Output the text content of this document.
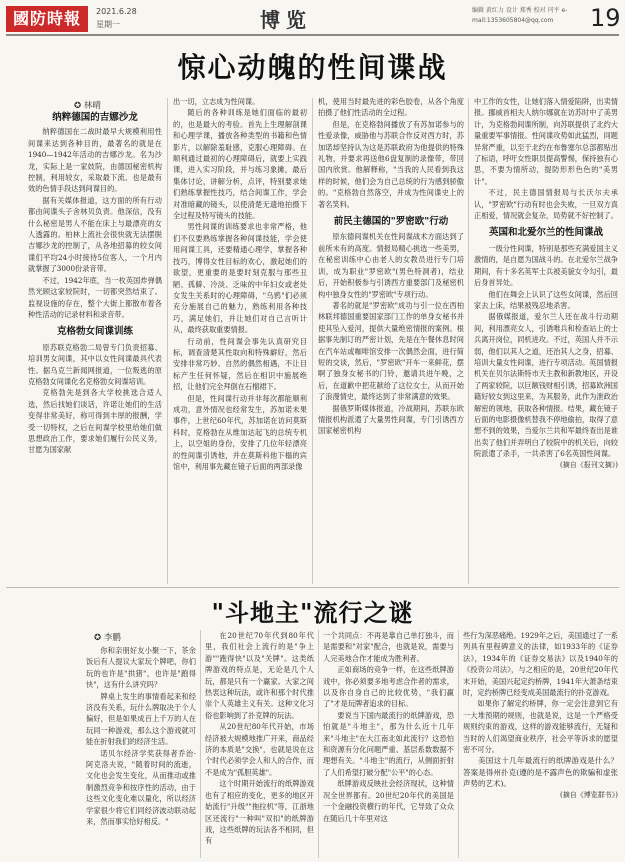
國防時報	2021.6.28
星期一	博览	编辑 黄红力 设计 郑秀 校对 闫平 e-mail:1353605804@qq.com	19
惊心动魄的性间谍战
✪ 林晴
纳粹德国的吉娜沙龙

纳粹德国在二战时最早大规模利用性间谍来达到各种目的，最著名的就是在1940—1942年活动的吉娜沙龙。名为沙龙，实际上是一家妓院，由德国秘密机构控制，利用较女，采取最下流、也是最有效的色情手段达到间谍目的。

据有关媒体报道，这方面的所有行动都由间谍头子舍林贝负责。他深信，没有什么秘密是男人不能在床上与最漂亮的女人透露的。柏林上流社会很快就无法摆脱吉娜沙龙的控制了，从各地招募的较女间谍们平均24小时接待5位客人，一个月内就掌握了3000份录音带。

不过，1942年底，当一枚英国炸弹偶然光顾这家较院时，一切都突然结束了。监视设施的存在，整个大街上都散布着各种性活动的记录材料和录音带。

克格勃女间谍训练

原苏联克格勃二局曾专门负责招募、培训男女间谍，其中以女性间谍最具代表性。据乌克兰新闻网报道，一位叛逃的原克格勃女间谍化名克格勃女间谍培训。

克格勃先是到各大学校挑选合适人选，然后找她们谈话，许诺让她们的生活变得非常美好，称可得到丰厚的报酬，学受一切特权，之后在间谍学校里给她们做思想政治工作，要求她们履行公民义务，甘愿为国家献

出一切，立志成为性间谍。

随后的各种训练是她们面临的最初的，也是最大的考验。首先上生理解剖课和心理学课，播放各种类型的书籍和色情影片，以解除羞耻感，克服心理障碍。在顺利通过最初的心理障碍后，就要上实践课，进入实习阶段，并与练习象摊，最后集体讨论，讲解分析，点评，特别要求她们熟练掌握性技巧，结合间谍工作，学会对准暗藏的镜头，以使清楚无遗地拍摄下全过程及特写镜头的技能。

男性间谍的训练要求也非常严格，他们不仅要熟练掌握各种间谍技能，学会使用间谍工具，还要精通心理学，掌握各种技巧，博得女性目标的欢心，激起她们的欲望，更重要的是要时刻克服与那些丑陋、孤僻、冷淡、乏味的中年妇女或老处女发生关系时的心理障碍，"乌鸦"们必须充分施展自己的魅力，熟练利用各种技巧，满足她们，并让她们对自己言听计从，最终获取重要情报。

行动前，性间谍会事先认真研究目标，调查清楚其性取向和特殊癖好，然后安排非常巧妙、自然的偶然相遇，不让目标产生任何怀疑，然后在相识中施展绝招，让他们完全拜倒在石榴裙下。

但是，性间谍行动并非每次都能顺利成功，意外情况也经常发生，苏加诺未果事件，上世纪60年代，苏加诺在访问莫斯科时，克格勃在从维加达起飞的总统专机上，以空姐的身份，安排了几位年轻漂亮的性间谍引诱他，并在莫斯科他下榻的宾馆中，利用事先藏在镜子后面的两部录像

机，使用当时最先进的彩色胶卷，从各个角度拍摄了他们性活动的全过程。

但是，在克格勃间播放了有苏加诺参与的性爱录像，威胁他与苏联合作反对西方时，苏加诺却坚持认为这是苏联政府为他提供的特殊礼物，并要求再送他6盘复制的录像带，带回国内欣赏。他解释称，"当我的人民看到我这样的时候，他们会为自己总统的行为感到骄傲的。"克格勃自然落空，并成为性间谍史上的著名笑料。

前民主德国的"罗密欧"行动

原东德间谍机关在性间谍战术方面达到了前所未有的高度。情报局精心挑选一些美男，在秘密训练中心由老人的女教员进行专门培训，成为职业"罗密欧"(男色特洞者)，结业后，开始积极参与引诱西方重要部门及秘密机构中独身女性的"罗密欧"专项行动。

著名的就是"罗密欧"成功与引一位在西柏林联邦德国重要国家部门工作的单身女秘书并使其坠入爱河，提供大量绝密情报的案例。根据事先制订的严密计划，先是在午餐休息时间在汽车站或咖啡馆安排一次偶然会面，进行简短的交谈，然后，"罗密欧"开车一来鲜花，摆啊了独身女秘书的门铃，邀请共进午晚，之后，在道歉中把花献给了这位女士，从而开始了浪漫情史，最终达到了非常满意的效果。

据俄罗斯媒体报道，冷战期间，苏联东欧情报机构派遣了大量男性间谍，专门引诱西方国家秘密机构

中工作的女性，让她们落入情爱陷阱，出卖情报。挪威首相夫人纳尔娜就在访苏时中了美男计，为克格勃间谍所制，向苏联提供了北约大量重要军事情报。性间谍攻势如此猛烈，同题异常严重，以至于北约在布鲁塞尔总部都贴出了标语，呼吁女性职员提高警惕，保持独有心思，不要为情所动，提防形形色色的"美男计"。

不过，民主德国情报局与长沃尔夫承认，"罗密欧"行动有时也会失败，一旦双方真正相爱，情况就会复杂，局势就不好控制了。

英国和北爱尔兰的性间谍战

一级分性间谍，特别是那些充满爱国主义激情的，是自愿为国战斗的。在北爱尔兰战争期间，有十多名英军士兵被美貌女令勾引，最后身首异处。

他们在舞会上认识了这些女间谍，然后回家去上床，结果被残忍地杀害。

据俄媒报道，爱尔兰人还在战斗行动期间，利用漂亮女人，引诱唯兵和检查站上的士兵离开岗位，同机进攻。不过，英国人并不示弱，他们以其人之道，还治其人之身，招募、培训大量女性间谍，进行专项活动。英国情报机关在贝尔法斯特市天主教和新教地区，开设了两家较院，以巨额钱财相引诱，招募欧洲国籍好较女到这里来，为其服务，此作为泄政治解密的领地，获取各种情报。结果，藏在镜子后面的电影摄像机替我不停地偷拍，取得了意想不到的效果，当爱尔兰共和军最终查出是谁出卖了他们并弄明白了较院中的机关后，向较院派遣了杀手，一共杀害了6名英国性间谍。

(摘自《报刊文摘》)
"斗地主"流行之谜
✪ 李鹏

你和亲朋好友小聚一下，茶余饭后有人提议大家玩个牌吧，你们玩的也许是"拱猪"，也许是"跑得快"，这有什么讲究吗？

牌桌上发生的事情看起来和经济没有关系，玩什么牌取决于个人偏好，但是如果成百上千万的人在玩同一种游戏，那么这个游戏就可能在折射我们的经济生活。

诺贝尔经济学奖获得者乔治·阿克洛夫说，"随着时间的流逝，文化也会发生变化，从而推动或推制激烈竞争和按序性的活动，由于这些文化变化难以量化，所以经济学家很少将它们同经济波动联动起来，然而事实恰好相反。"

在20世纪70年代到80年代里，我们社会上流行的是"争上游""跑得快"以及"关牌"。这类纸牌游戏的特点是，无论是几个人玩，都是只有一个赢家。大家之间热衷这种玩法，或许和那个时代推崇个人英雄主义有关。这种文化习俗也影响到了扑克牌的玩法。

从20世纪80年代开始，市场经济被大规模地推广开来，商品经济的本质是"交换"，也就是说在这个时代必须学会人和人的合作，而不是成为"孤胆英雄"。

这个时期开始流行的纸牌游戏也有了相应的变化，更多的地区开始流行"升级""拖拉机"等，江浙地区还流行"一种叫"双扣"的纸牌游戏，这些纸牌的玩法各不相同，但有

一个共同点：不再是靠自己单打独斗，而是需要和"对家"配合，也就是说，需要与人完美地合作才能成为胜利者。

正如商场的竞争一样，在这些纸牌游戏中，你必须要多地考虑合作者的需求，以及你自身自己的比较优势，"我们赢了"才是玩牌者追求的目标。

要说当下国内最流行的纸牌游戏，恐怕就是"斗地主"，那为什么近十几年来"斗地主"在大江南北如此流行？这恐怕和资源有分化问题严重、基层系数数据不理想有关。"斗地主"的流行，从侧面折射了人们希望打破分配"公平"的心态。

纸牌游戏反映社会经济现状，这种情况全世界都有。20世纪20年代的美国是一个金融投资横行的年代，它导致了众众在随后几十年里对这

些行为深恶痛绝。1929年之后，美国通过了一系列具有里程碑意义的法律，如1933年的《证券法》，1934年的《证券交易法》以及1940年的《投资公司法》，与之相应的是，20世纪20年代末开始，美国兴起定约桥牌，1941年大萧条结束时，定约桥牌已经变成美国最流行的扑克游戏。

如果你了解定约桥牌，你一定会注意到它有一大堆预期的规则，也就是说，这是一个严格受规则约束的游戏，这样的游戏能够流行，无疑和当时的人们渴望商业秩序，社会平等诉求的愿望密不可分。

美国这十几年最流行的纸牌游戏是什么？答案是得州扑克(遵的是不露声色的欺骗和虚张声势的艺术)。

(摘自《博览群书》)
